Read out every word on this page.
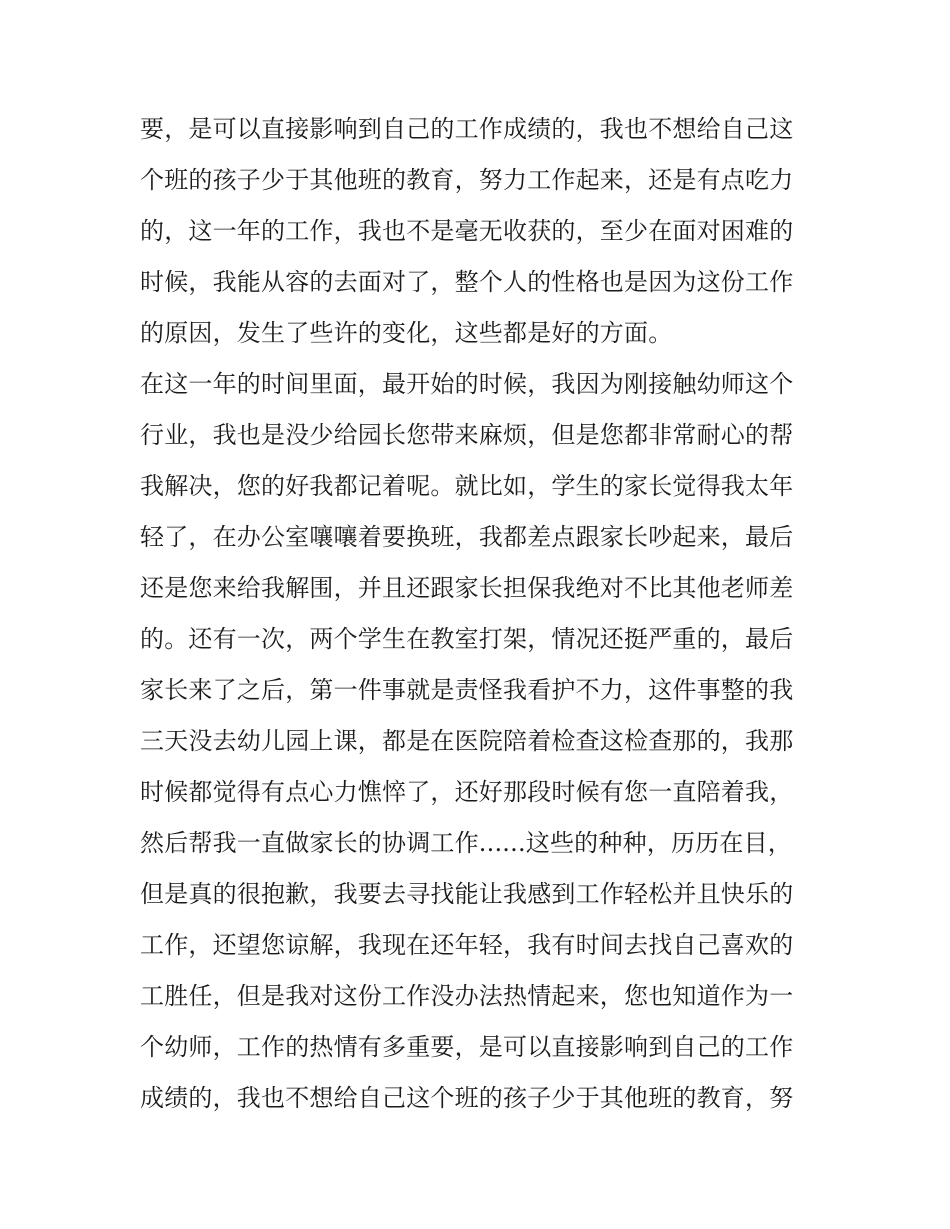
要，是可以直接影响到自己的工作成绩的，我也不想给自己这
个班的孩子少于其他班的教育，努力工作起来，还是有点吃力
的，这一年的工作，我也不是毫无收获的，至少在面对困难的
时候，我能从容的去面对了，整个人的性格也是因为这份工作
的原因，发生了些许的变化，这些都是好的方面。
在这一年的时间里面，最开始的时候，我因为刚接触幼师这个
行业，我也是没少给园长您带来麻烦，但是您都非常耐心的帮
我解决，您的好我都记着呢。就比如，学生的家长觉得我太年
轻了，在办公室嚷嚷着要换班，我都差点跟家长吵起来，最后
还是您来给我解围，并且还跟家长担保我绝对不比其他老师差
的。还有一次，两个学生在教室打架，情况还挺严重的，最后
家长来了之后，第一件事就是责怪我看护不力，这件事整的我
三天没去幼儿园上课，都是在医院陪着检查这检查那的，我那
时候都觉得有点心力憔悴了，还好那段时候有您一直陪着我，
然后帮我一直做家长的协调工作......这些的种种，历历在目，
但是真的很抱歉，我要去寻找能让我感到工作轻松并且快乐的
工作，还望您谅解，我现在还年轻，我有时间去找自己喜欢的
工胜任，但是我对这份工作没办法热情起来，您也知道作为一
个幼师，工作的热情有多重要，是可以直接影响到自己的工作
成绩的，我也不想给自己这个班的孩子少于其他班的教育，努
